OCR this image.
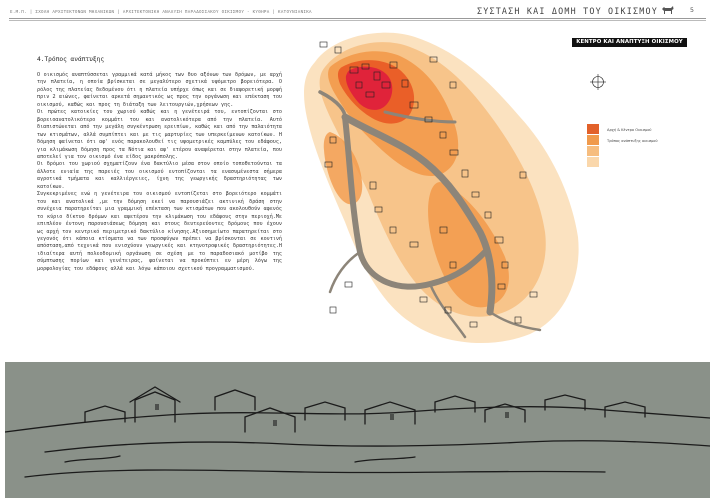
Ε.Μ.Π. | ΣΧΟΛΗ ΑΡΧΙΤΕΚΤΟΝΩΝ ΜΗΧΑΝΙΚΩΝ | ΑΡΧΙΤΕΚΤΟΝΙΚΗ ΑΝΑΛΥΣΗ ΠΑΡΑΔΟΣΙΑΚΟΥ ΟΙΚΙΣΜΟΥ - ΚΥΘΗΡΑ | ΚΑΤΟΥΝΙΑΝΙΚΑ	ΣΥΣΤΑΣΗ ΚΑΙ ΔΟΜΗ ΤΟΥ ΟΙΚΙΣΜΟΥ	5
4.Τρόπος ανάπτυξης

Ο οικισμός αναπτύσσεται γραμμικά κατά μήκος των δυο αξόνων των δρόμων, με αρχή την πλατεία, η οποία βρίσκεται σε μεγαλύτερο σχετικά υψόμετρο βορειότερα. Ο ρόλος της πλατείας δεδομένου ότι η πλατεία υπήρχε όπως και σε διαφορετική μορφή πριν 2 αιώνες, φαίνεται αρκετά σημαντικός ως προς την οργάνωση και επέκταση του οικισμού, καθώς και προς τη διάταξη των λειτουργιών,χρήσεων γης.

Οι πρώτες κατοικίες του χωριού καθώς και η γενέτειρά του, εντοπίζονται στο βορειοανατολικότερο κομμάτι του και ανατολικότερα από την πλατεία. Αυτό διαπιστώνεται από την μεγάλη συγκέντρωση ερειπίων, καθώς και από την παλαιότητα των κτισμάτων, αλλά συμπίπτει και με τις μαρτυρίες των υπερκείμενων κατοίκων. Η δόμηση φαίνεται ότι αφ' ενός παρακολουθεί τις υψομετρικές καμπύλες του εδάφους, για κλιμάκωση δόμηση προς τα Νότια και αφ' ετέρου αναφέρεται στην πλατεία, που αποτελεί για τον οικισμό ένα είδος μακρόπολης.

Οι δρόμοι του χωριού σχηματίζουν ένα δακτύλιο μέσα στον οποίο τοποθετούνται τα άλλοτε ενιαία της παρειές του οικισμού εντοπίζονται τα ενασυμένεστα σήμερα αγροτικά τμήματα και καλλιέργειες, ίχνη της γεωργικής δραστηριότητας των κατοίκων.

Συγκεκριμένες ενώ η γενέτειρα του οικισμού εντοπίζεται στο βορειότερο κομμάτι του και ανατολικά ,με την δόμηση εκεί να παρουσιάζει ακτινική δράση στην συνέχεια παρατηρείται μια γραμμική επέκταση των κτισμάτων που ακολουθούν αφενός το κύριο δίκτυο δρόμων και αφετέρου την κλιμάκωση του εδάφους στην περιοχή.Με επιπλέον έντονη παρουσιάσεως δόμηση και στους δευτερεύοντες δρόμους που έχουν ως αρχή τον κεντρικό περιμετρικό δακτύλιο κίνησης.Αξιοσημείωτο παρατηρείται στο γεγονός ότι κάποια κτίσματα να των προσφύγων πρέπει να βρίσκονται σε κοντινή απόσταση,από τεχνικά που ενισχύουν γεωργικές και κτηνοτροφικές δραστηριότητες.Η ιδιαίτερα αυτή πολεοδομική οργάνωση σε σχέση με το παραδοσιακό μοτίβο της σύμπτωσης πορίων και γενέτειρας, φαίνεται να προκύπτει εν μέρη λόγω της μορφολογίας του εδάφους αλλά και λόγω κάποιου σχετικού προγραμματισμού.

ΚΕΝΤΡΟ ΚΑΙ ΑΝΑΠΤΥΞΗ ΟΙΚΙΣΜΟΥ
Αρχή & Κέντρο Οικισμού
Τρόπος ανάπτυξης οικισμού
